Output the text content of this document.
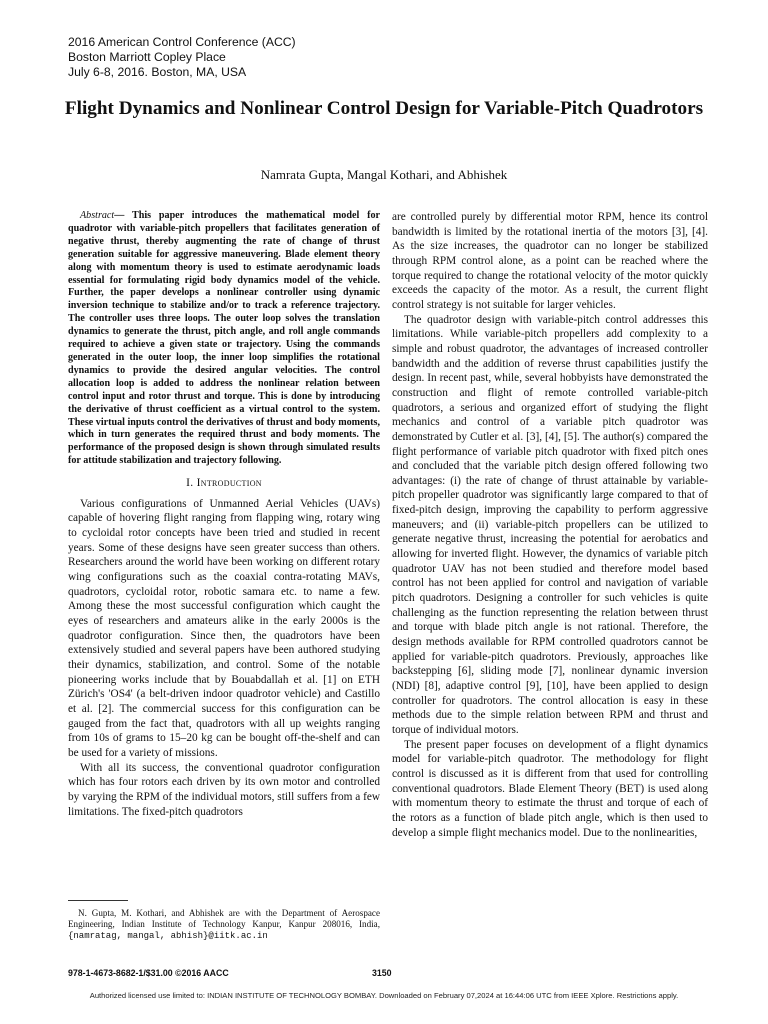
2016 American Control Conference (ACC)
Boston Marriott Copley Place
July 6-8, 2016. Boston, MA, USA
Flight Dynamics and Nonlinear Control Design for Variable-Pitch Quadrotors
Namrata Gupta, Mangal Kothari, and Abhishek

Abstract— This paper introduces the mathematical model for quadrotor with variable-pitch propellers that facilitates generation of negative thrust, thereby augmenting the rate of change of thrust generation suitable for aggressive maneuvering. Blade element theory along with momentum theory is used to estimate aerodynamic loads essential for formulating rigid body dynamics model of the vehicle. Further, the paper develops a nonlinear controller using dynamic inversion technique to stabilize and/or to track a reference trajectory. The controller uses three loops. The outer loop solves the translation dynamics to generate the thrust, pitch angle, and roll angle commands required to achieve a given state or trajectory. Using the commands generated in the outer loop, the inner loop simplifies the rotational dynamics to provide the desired angular velocities. The control allocation loop is added to address the nonlinear relation between control input and rotor thrust and torque. This is done by introducing the derivative of thrust coefficient as a virtual control to the system. These virtual inputs control the derivatives of thrust and body moments, which in turn generates the required thrust and body moments. The performance of the proposed design is shown through simulated results for attitude stabilization and trajectory following.

I. Introduction

Various configurations of Unmanned Aerial Vehicles (UAVs) capable of hovering flight ranging from flapping wing, rotary wing to cycloidal rotor concepts have been tried and studied in recent years. Some of these designs have seen greater success than others. Researchers around the world have been working on different rotary wing configurations such as the coaxial contra-rotating MAVs, quadrotors, cycloidal rotor, robotic samara etc. to name a few. Among these the most successful configuration which caught the eyes of researchers and amateurs alike in the early 2000s is the quadrotor configuration. Since then, the quadrotors have been extensively studied and several papers have been authored studying their dynamics, stabilization, and control. Some of the notable pioneering works include that by Bouabdallah et al. [1] on ETH Zürich's 'OS4' (a belt-driven indoor quadrotor vehicle) and Castillo et al. [2]. The commercial success for this configuration can be gauged from the fact that, quadrotors with all up weights ranging from 10s of grams to 15–20 kg can be bought off-the-shelf and can be used for a variety of missions.

With all its success, the conventional quadrotor configuration which has four rotors each driven by its own motor and controlled by varying the RPM of the individual motors, still suffers from a few limitations. The fixed-pitch quadrotors

are controlled purely by differential motor RPM, hence its control bandwidth is limited by the rotational inertia of the motors [3], [4]. As the size increases, the quadrotor can no longer be stabilized through RPM control alone, as a point can be reached where the torque required to change the rotational velocity of the motor quickly exceeds the capacity of the motor. As a result, the current flight control strategy is not suitable for larger vehicles.

The quadrotor design with variable-pitch control addresses this limitations. While variable-pitch propellers add complexity to a simple and robust quadrotor, the advantages of increased controller bandwidth and the addition of reverse thrust capabilities justify the design. In recent past, while, several hobbyists have demonstrated the construction and flight of remote controlled variable-pitch quadrotors, a serious and organized effort of studying the flight mechanics and control of a variable pitch quadrotor was demonstrated by Cutler et al. [3], [4], [5]. The author(s) compared the flight performance of variable pitch quadrotor with fixed pitch ones and concluded that the variable pitch design offered following two advantages: (i) the rate of change of thrust attainable by variable-pitch propeller quadrotor was significantly large compared to that of fixed-pitch design, improving the capability to perform aggressive maneuvers; and (ii) variable-pitch propellers can be utilized to generate negative thrust, increasing the potential for aerobatics and allowing for inverted flight. However, the dynamics of variable pitch quadrotor UAV has not been studied and therefore model based control has not been applied for control and navigation of variable pitch quadrotors. Designing a controller for such vehicles is quite challenging as the function representing the relation between thrust and torque with blade pitch angle is not rational. Therefore, the design methods available for RPM controlled quadrotors cannot be applied for variable-pitch quadrotors. Previously, approaches like backstepping [6], sliding mode [7], nonlinear dynamic inversion (NDI) [8], adaptive control [9], [10], have been applied to design controller for quadrotors. The control allocation is easy in these methods due to the simple relation between RPM and thrust and torque of individual motors.

The present paper focuses on development of a flight dynamics model for variable-pitch quadrotor. The methodology for flight control is discussed as it is different from that used for controlling conventional quadrotors. Blade Element Theory (BET) is used along with momentum theory to estimate the thrust and torque of each of the rotors as a function of blade pitch angle, which is then used to develop a simple flight mechanics model. Due to the nonlinearities,

N. Gupta, M. Kothari, and Abhishek are with the Department of Aerospace Engineering, Indian Institute of Technology Kanpur, Kanpur 208016, India, {namratag, mangal, abhish}@iitk.ac.in
978-1-4673-8682-1/$31.00 ©2016 AACC	3150
Authorized licensed use limited to: INDIAN INSTITUTE OF TECHNOLOGY BOMBAY. Downloaded on February 07,2024 at 16:44:06 UTC from IEEE Xplore. Restrictions apply.
